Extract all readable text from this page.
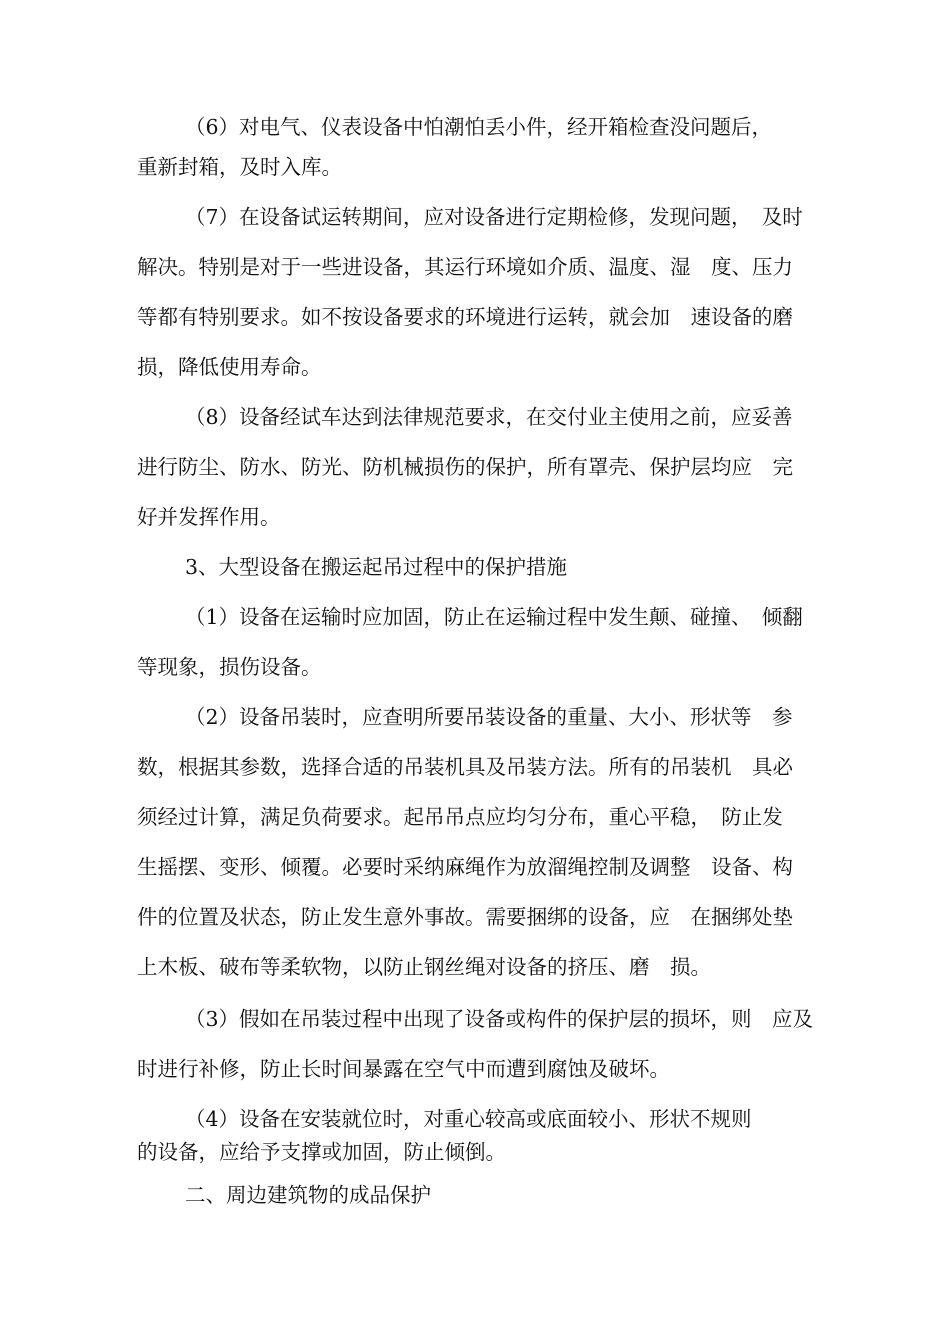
（6）对电气、仪表设备中怕潮怕丢小件，经开箱检查没问题后，
重新封箱，及时入库。
（7）在设备试运转期间，应对设备进行定期检修，发现问题，　及时
解决。特别是对于一些进设备，其运行环境如介质、温度、湿　度、压力
等都有特别要求。如不按设备要求的环境进行运转，就会加　速设备的磨
损，降低使用寿命。
（8）设备经试车达到法律规范要求，在交付业主使用之前，应妥善
进行防尘、防水、防光、防机械损伤的保护，所有罩壳、保护层均应　完
好并发挥作用。
3、大型设备在搬运起吊过程中的保护措施
（1）设备在运输时应加固，防止在运输过程中发生颠、碰撞、　倾翻
等现象，损伤设备。
（2）设备吊装时，应查明所要吊装设备的重量、大小、形状等　参
数，根据其参数，选择合适的吊装机具及吊装方法。所有的吊装机　具必
须经过计算，满足负荷要求。起吊吊点应均匀分布，重心平稳，　防止发
生摇摆、变形、倾覆。必要时采纳麻绳作为放溜绳控制及调整　设备、构
件的位置及状态，防止发生意外事故。需要捆绑的设备，应　在捆绑处垫
上木板、破布等柔软物，以防止钢丝绳对设备的挤压、磨　损。
（3）假如在吊装过程中出现了设备或构件的保护层的损坏，则　应及
时进行补修，防止长时间暴露在空气中而遭到腐蚀及破坏。
（4）设备在安装就位时，对重心较高或底面较小、形状不规则
的设备，应给予支撑或加固，防止倾倒。
二、周边建筑物的成品保护
